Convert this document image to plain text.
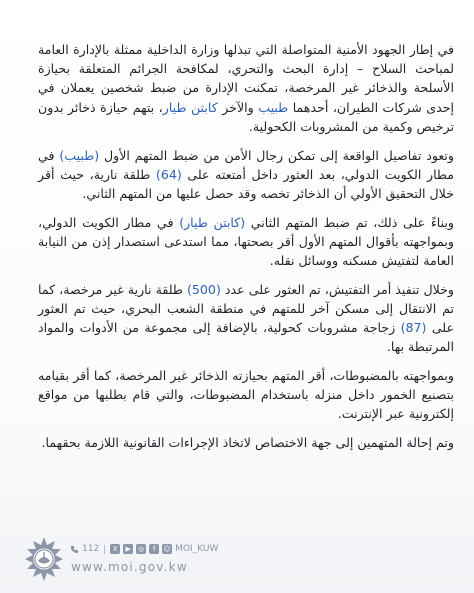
في إطار الجهود الأمنية المتواصلة التي تبذلها وزارة الداخلية ممثلة بالإدارة العامة لمباحث السلاح – إدارة البحث والتحري، لمكافحة الجرائم المتعلقة بحيازة الأسلحة والذخائر غير المرخصة، تمكنت الإدارة من ضبط شخصين يعملان في إحدى شركات الطيران، أحدهما طبيب والآخر كابتن طيار، بتهم حيازة ذخائر بدون ترخيص وكمية من المشروبات الكحولية.

وتعود تفاصيل الواقعة إلى تمكن رجال الأمن من ضبط المتهم الأول (طبيب) في مطار الكويت الدولي، بعد العثور داخل أمتعته على (64) طلقة نارية، حيث أقر خلال التحقيق الأولي أن الذخائر تخصه وقد حصل عليها من المتهم الثاني.

وبناءً على ذلك، تم ضبط المتهم الثاني (كابتن طيار) في مطار الكويت الدولي، وبمواجهته بأقوال المتهم الأول أقر بصحتها، مما استدعى استصدار إذن من النيابة العامة لتفتيش مسكنه ووسائل نقله.

وخلال تنفيذ أمر التفتيش، تم العثور على عدد (500) طلقة نارية غير مرخصة، كما تم الانتقال إلى مسكن آخر للمتهم في منطقة الشعب البحري، حيث تم العثور على (87) زجاجة مشروبات كحولية، بالإضافة إلى مجموعة من الأدوات والمواد المرتبطة بها.

وبمواجهته بالمضبوطات، أقر المتهم بحيازته الذخائر غير المرخصة، كما أقر بقيامه بتصنيع الخمور داخل منزله باستخدام المضبوطات، والتي قام بطلبها من مواقع إلكترونية عبر الإنترنت.

وتم إحالة المتهمين إلى جهة الاختصاص لاتخاذ الإجراءات القانونية اللازمة بحقهما.

112	X	▶	◎	f	☺ MOI_KUW
www.moi.gov.kw
